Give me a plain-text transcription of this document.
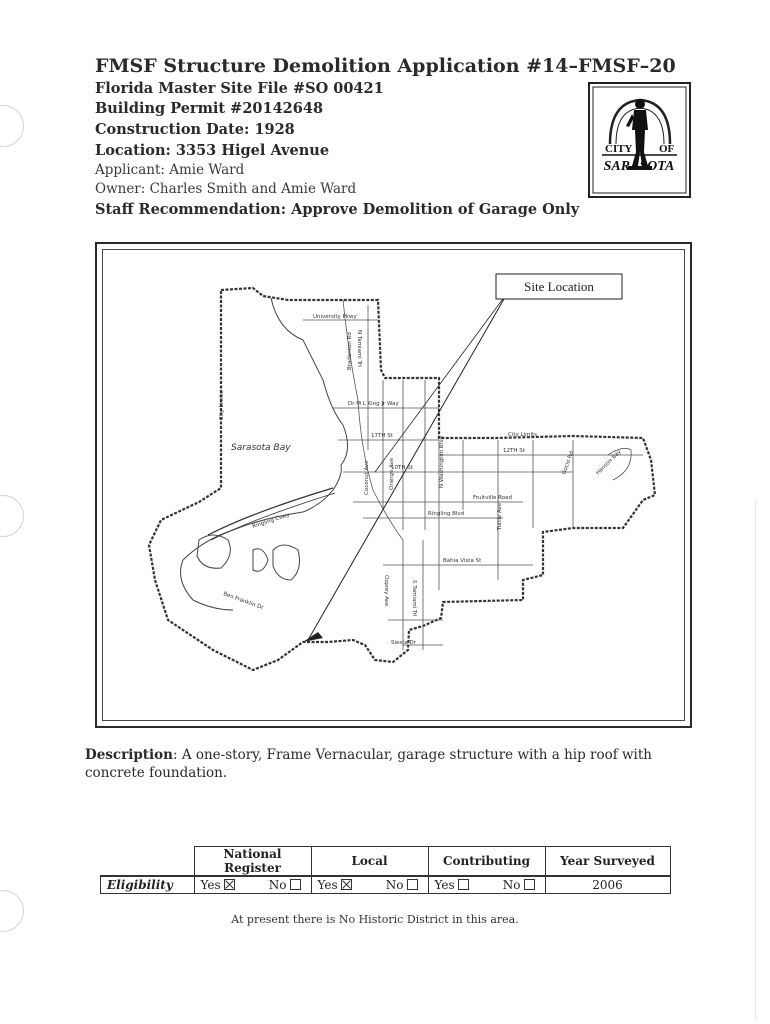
FMSF Structure Demolition Application #14–FMSF–20
Florida Master Site File #SO 00421
Building Permit #20142648
Construction Date: 1928
Location: 3353 Higel Avenue
Applicant: Amie Ward
Owner: Charles Smith and Amie Ward
Staff Recommendation: Approve Demolition of Garage Only
CITY OF
SARASOTA
Site Location
Sarasota Bay
City Limits
City Limits
University Pkwy
Dr M L King Jr Way
17TH St
12TH St
10TH St
Fruitville Road
Ringling Blvd
Bahia Vista St
Siesta Dr
N Tamiami Trl
Tuttle Ave
N Washington Blvd
Orange Ave
Osprey Ave	S Tamiami Trl
Ben Franklin Dr
Gocio Rd
Bradenton Rd
Hanson Bay
Coconut Ave
Ringling Cswy
Description: A one-story, Frame Vernacular, garage structure with a hip roof with concrete foundation.
	National Register	Local	Contributing	Year Surveyed
Eligibility	Yes No	Yes No	Yes No	2006
At present there is No Historic District in this area.
